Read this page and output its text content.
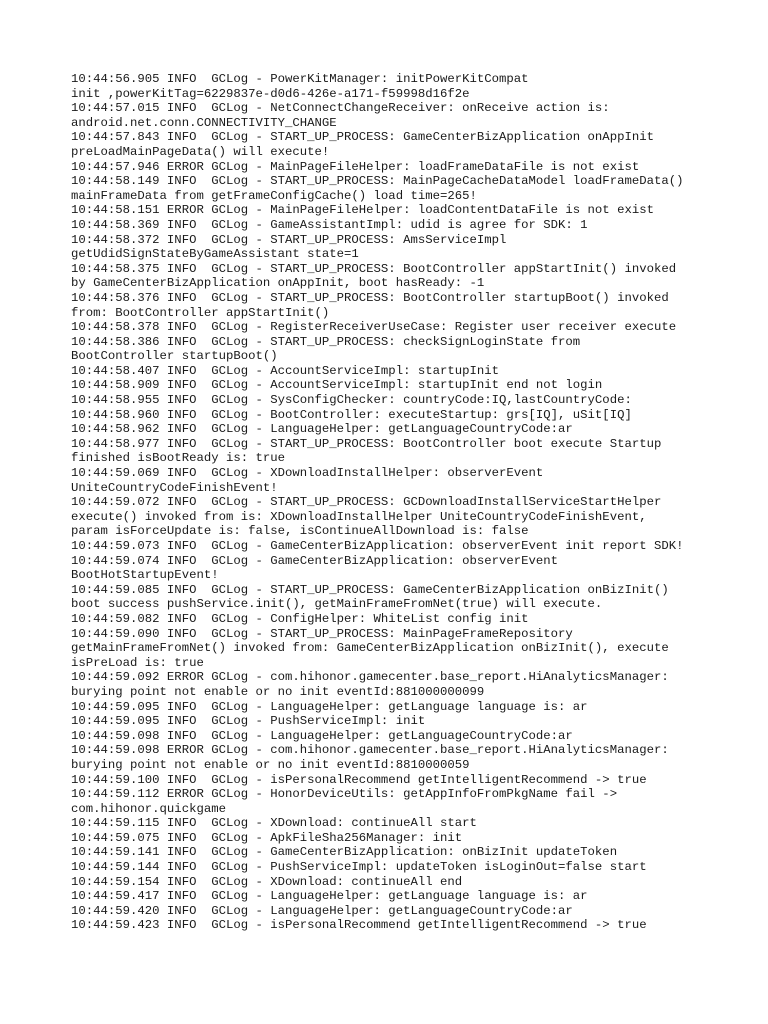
10:44:56.905 INFO  GCLog - PowerKitManager: initPowerKitCompat
init ,powerKitTag=6229837e-d0d6-426e-a171-f59998d16f2e
10:44:57.015 INFO  GCLog - NetConnectChangeReceiver: onReceive action is:
android.net.conn.CONNECTIVITY_CHANGE
10:44:57.843 INFO  GCLog - START_UP_PROCESS: GameCenterBizApplication onAppInit
preLoadMainPageData() will execute!
10:44:57.946 ERROR GCLog - MainPageFileHelper: loadFrameDataFile is not exist
10:44:58.149 INFO  GCLog - START_UP_PROCESS: MainPageCacheDataModel loadFrameData()
mainFrameData from getFrameConfigCache() load time=265!
10:44:58.151 ERROR GCLog - MainPageFileHelper: loadContentDataFile is not exist
10:44:58.369 INFO  GCLog - GameAssistantImpl: udid is agree for SDK: 1
10:44:58.372 INFO  GCLog - START_UP_PROCESS: AmsServiceImpl
getUdidSignStateByGameAssistant state=1
10:44:58.375 INFO  GCLog - START_UP_PROCESS: BootController appStartInit() invoked
by GameCenterBizApplication onAppInit, boot hasReady: -1
10:44:58.376 INFO  GCLog - START_UP_PROCESS: BootController startupBoot() invoked
from: BootController appStartInit()
10:44:58.378 INFO  GCLog - RegisterReceiverUseCase: Register user receiver execute
10:44:58.386 INFO  GCLog - START_UP_PROCESS: checkSignLoginState from
BootController startupBoot()
10:44:58.407 INFO  GCLog - AccountServiceImpl: startupInit
10:44:58.909 INFO  GCLog - AccountServiceImpl: startupInit end not login
10:44:58.955 INFO  GCLog - SysConfigChecker: countryCode:IQ,lastCountryCode:
10:44:58.960 INFO  GCLog - BootController: executeStartup: grs[IQ], uSit[IQ]
10:44:58.962 INFO  GCLog - LanguageHelper: getLanguageCountryCode:ar
10:44:58.977 INFO  GCLog - START_UP_PROCESS: BootController boot execute Startup
finished isBootReady is: true
10:44:59.069 INFO  GCLog - XDownloadInstallHelper: observerEvent
UniteCountryCodeFinishEvent!
10:44:59.072 INFO  GCLog - START_UP_PROCESS: GCDownloadInstallServiceStartHelper
execute() invoked from is: XDownloadInstallHelper UniteCountryCodeFinishEvent,
param isForceUpdate is: false, isContinueAllDownload is: false
10:44:59.073 INFO  GCLog - GameCenterBizApplication: observerEvent init report SDK!
10:44:59.074 INFO  GCLog - GameCenterBizApplication: observerEvent
BootHotStartupEvent!
10:44:59.085 INFO  GCLog - START_UP_PROCESS: GameCenterBizApplication onBizInit()
boot success pushService.init(), getMainFrameFromNet(true) will execute.
10:44:59.082 INFO  GCLog - ConfigHelper: WhiteList config init
10:44:59.090 INFO  GCLog - START_UP_PROCESS: MainPageFrameRepository
getMainFrameFromNet() invoked from: GameCenterBizApplication onBizInit(), execute
isPreLoad is: true
10:44:59.092 ERROR GCLog - com.hihonor.gamecenter.base_report.HiAnalyticsManager:
burying point not enable or no init eventId:881000000099
10:44:59.095 INFO  GCLog - LanguageHelper: getLanguage language is: ar
10:44:59.095 INFO  GCLog - PushServiceImpl: init
10:44:59.098 INFO  GCLog - LanguageHelper: getLanguageCountryCode:ar
10:44:59.098 ERROR GCLog - com.hihonor.gamecenter.base_report.HiAnalyticsManager:
burying point not enable or no init eventId:8810000059
10:44:59.100 INFO  GCLog - isPersonalRecommend getIntelligentRecommend -> true
10:44:59.112 ERROR GCLog - HonorDeviceUtils: getAppInfoFromPkgName fail ->
com.hihonor.quickgame
10:44:59.115 INFO  GCLog - XDownload: continueAll start
10:44:59.075 INFO  GCLog - ApkFileSha256Manager: init
10:44:59.141 INFO  GCLog - GameCenterBizApplication: onBizInit updateToken
10:44:59.144 INFO  GCLog - PushServiceImpl: updateToken isLoginOut=false start
10:44:59.154 INFO  GCLog - XDownload: continueAll end
10:44:59.417 INFO  GCLog - LanguageHelper: getLanguage language is: ar
10:44:59.420 INFO  GCLog - LanguageHelper: getLanguageCountryCode:ar
10:44:59.423 INFO  GCLog - isPersonalRecommend getIntelligentRecommend -> true
